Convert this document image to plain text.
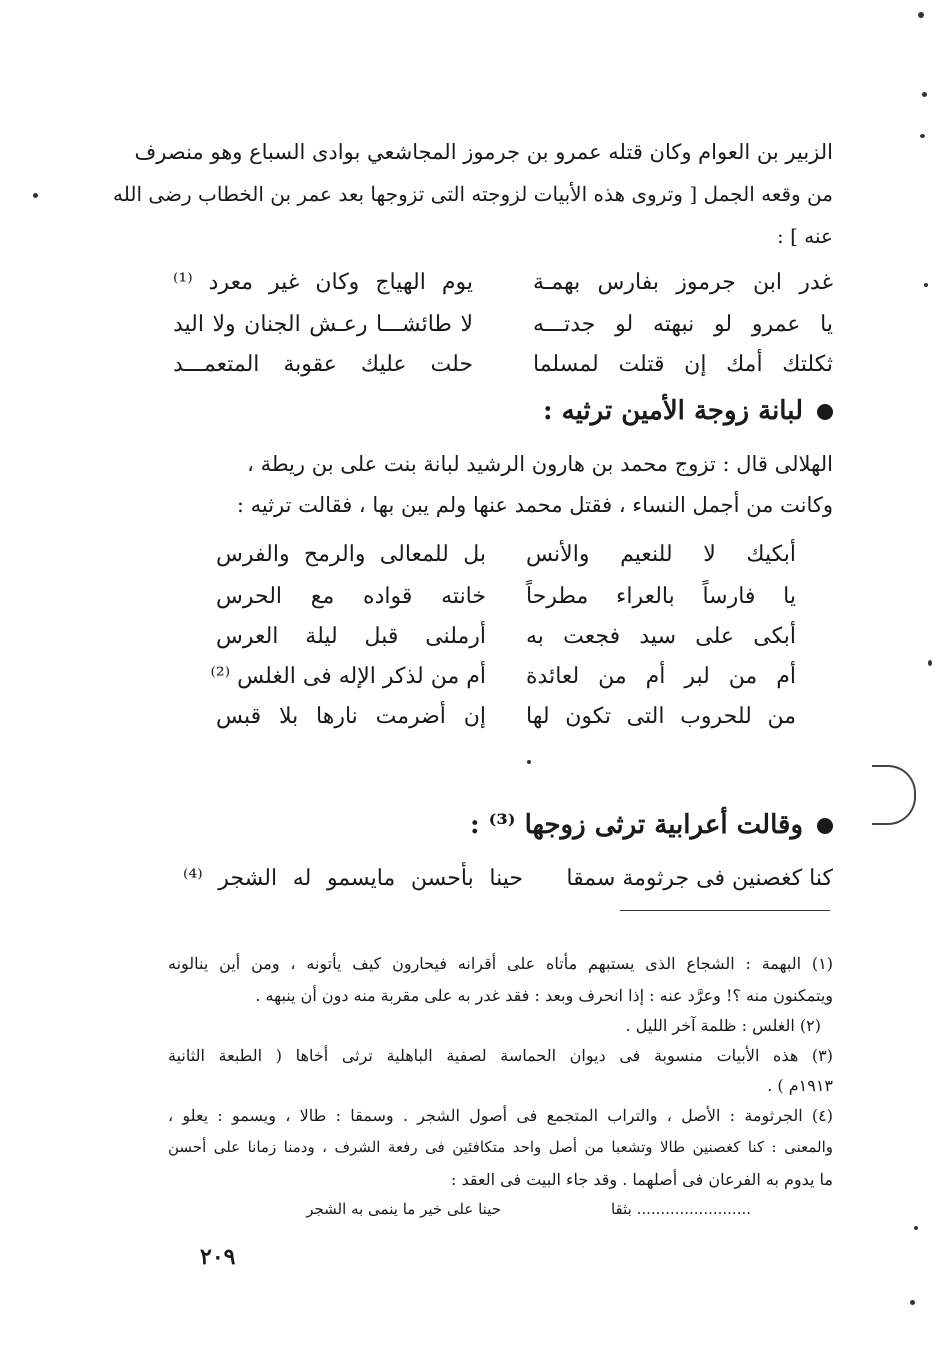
الزبير بن العوام وكان قتله عمرو بن جرموز المجاشعي بوادى السباع وهو منصرف
من وقعه الجمل [ وتروى هذه الأبيات لزوجته التى تزوجها بعد عمر بن الخطاب رضى الله
عنه ] :
غدر ابن جرموز بفارس بهمـة
يوم الهياج وكان غير معرد ⁽¹⁾
يا عمرو لو نبهته لو جدتـــه
لا طائشـــا رعـش الجنان ولا اليد
ثكلتك أمك إن قتلت لمسلما
حلت عليك عقوبة المتعمـــد
لبانة زوجة الأمين ترثيه :
الهلالى قال : تزوج محمد بن هارون الرشيد لبانة بنت على بن ريطة ،
وكانت من أجمل النساء ، فقتل محمد عنها ولم يبن بها ، فقالت ترثيه :
أبكيك لا للنعيم والأنس
بل للمعالى والرمح والفرس
يا فارساً بالعراء مطرحاً
خانته قواده مع الحرس
أبكى على سيد فجعت به
أرملنى قبل ليلة العرس
أم من لبر أم من لعائدة
أم من لذكر الإله فى الغلس ⁽²⁾
من للحروب التى تكون لها
إن أضرمت نارها بلا قبس
وقالت أعرابية ترثى زوجها ⁽³⁾ :
كنا كغصنين فى جرثومة سمقا
حينا بأحسن مايسمو له الشجر ⁽⁴⁾
(١) البهمة : الشجاع الذى يستبهم مأتاه على أقرانه فيحارون كيف يأتونه ، ومن أين ينالونه
ويتمكنون منه ؟! وعرَّد عنه : إذا انحرف وبعد : فقد غدر به على مقربة منه دون أن ينبهه .
(٢) الغلس : ظلمة آخر الليل .
(٣) هذه الأبيات منسوبة فى ديوان الحماسة لصفية الباهلية ترثى أخاها ( الطبعة الثانية
١٩١٣م ) .
(٤) الجرثومة : الأصل ، والتراب المتجمع فى أصول الشجر . وسمقا : طالا ، ويسمو : يعلو ،
والمعنى : كنا كغصنين طالا وتشعبا من أصل واحد متكافئين فى رفعة الشرف ، ودمنا زمانا على أحسن
ما يدوم به الفرعان فى أصلهما . وقد جاء البيت فى العقد :
........................ بثقا
حينا على خير ما ينمى به الشجر
٢٠٩
